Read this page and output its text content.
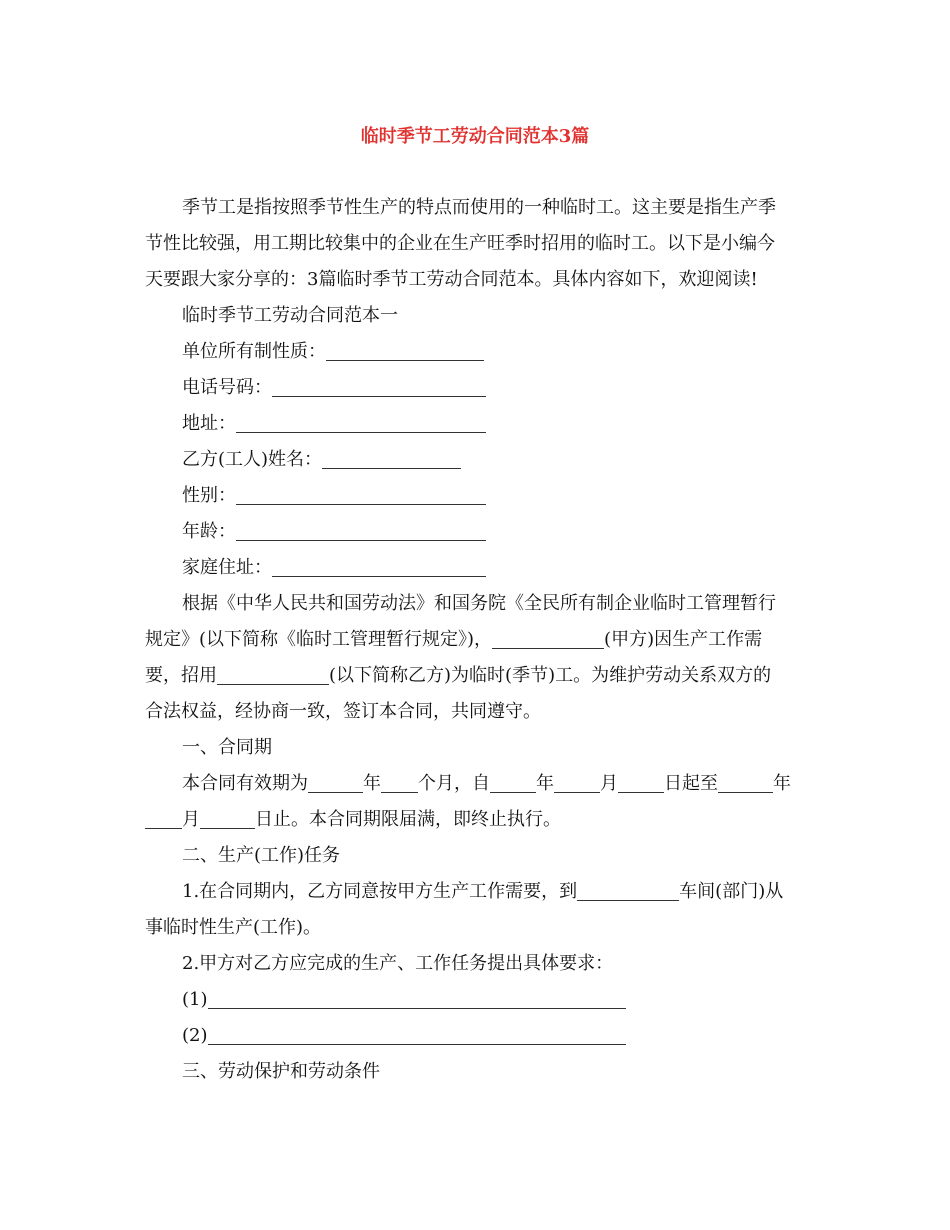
临时季节工劳动合同范本3篇
季节工是指按照季节性生产的特点而使用的一种临时工。这主要是指生产季
节性比较强，用工期比较集中的企业在生产旺季时招用的临时工。以下是小编今
天要跟大家分享的：3篇临时季节工劳动合同范本。具体内容如下，欢迎阅读!
临时季节工劳动合同范本一
单位所有制性质：
电话号码：
地址：
乙方(工人)姓名：
性别：
年龄：
家庭住址：
根据《中华人民共和国劳动法》和国务院《全民所有制企业临时工管理暂行
规定》(以下简称《临时工管理暂行规定》)，	(甲方)因生产工作需
要，招用	(以下简称乙方)为临时(季节)工。为维护劳动关系双方的
合法权益，经协商一致，签订本合同，共同遵守。
一、合同期
本合同有效期为	年 个月，自	年	月	日起至	年
月	日止。本合同期限届满，即终止执行。
二、生产(工作)任务
1.在合同期内，乙方同意按甲方生产工作需要，到	车间(部门)从
事临时性生产(工作)。
2.甲方对乙方应完成的生产、工作任务提出具体要求：
(1)
(2)
三、劳动保护和劳动条件
